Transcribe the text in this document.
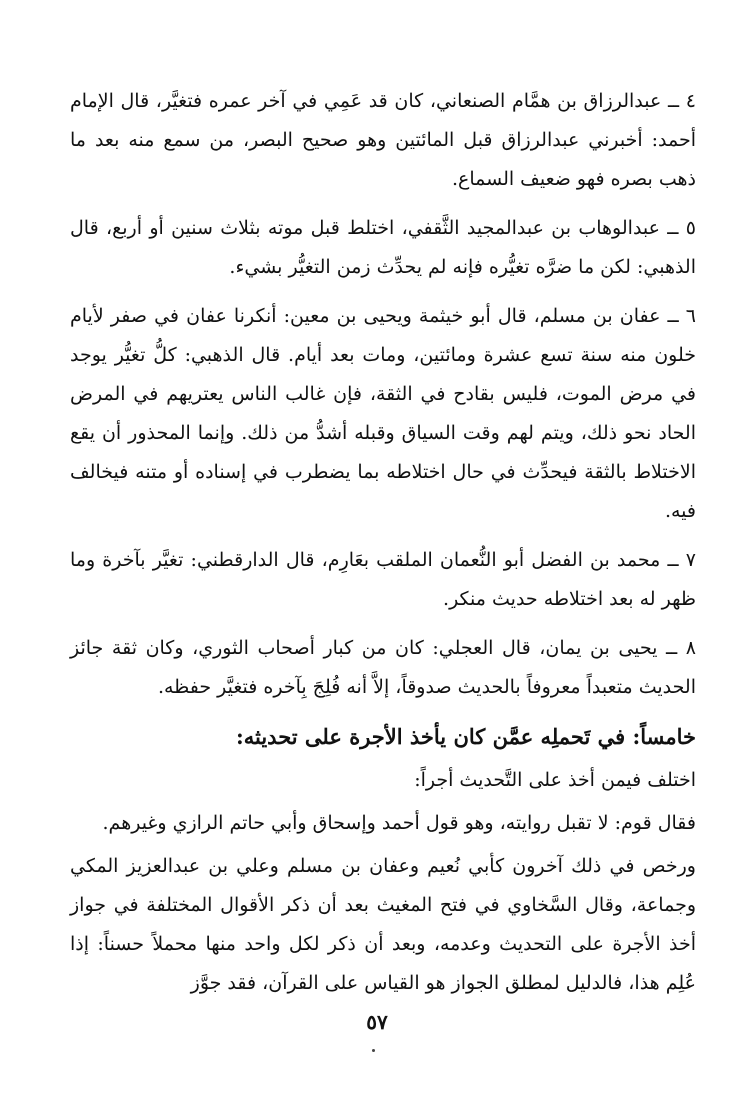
٤ ــ عبدالرزاق بن همَّام الصنعاني، كان قد عَمِي في آخر عمره فتغيَّر، قال الإمام أحمد: أخبرني عبدالرزاق قبل المائتين وهو صحيح البصر، من سمع منه بعد ما ذهب بصره فهو ضعيف السماع.

٥ ــ عبدالوهاب بن عبدالمجيد الثَّقفي، اختلط قبل موته بثلاث سنين أو أربع، قال الذهبي: لكن ما ضرَّه تغيُّره فإنه لم يحدِّث زمن التغيُّر بشيء.

٦ ــ عفان بن مسلم، قال أبو خيثمة ويحيى بن معين: أنكرنا عفان في صفر لأيام خلون منه سنة تسع عشرة ومائتين، ومات بعد أيام. قال الذهبي: كلُّ تغيُّر يوجد في مرض الموت، فليس بقادح في الثقة، فإن غالب الناس يعتريهم في المرض الحاد نحو ذلك، ويتم لهم وقت السياق وقبله أشدُّ من ذلك. وإنما المحذور أن يقع الاختلاط بالثقة فيحدِّث في حال اختلاطه بما يضطرب في إسناده أو متنه فيخالف فيه.

٧ ــ محمد بن الفضل أبو النُّعمان الملقب بعَارِم، قال الدارقطني: تغيَّر بآخرة وما ظهر له بعد اختلاطه حديث منكر.

٨ ــ يحيى بن يمان، قال العجلي: كان من كبار أصحاب الثوري، وكان ثقة جائز الحديث متعبداً معروفاً بالحديث صدوقاً، إلاَّ أنه فُلِجَ بِآخره فتغيَّر حفظه.

خامساً: في تَحملِه عمَّن كان يأخذ الأجرة على تحديثه:

اختلف فيمن أخذ على التَّحديث أجراً:

فقال قوم: لا تقبل روايته، وهو قول أحمد وإسحاق وأبي حاتم الرازي وغيرهم.

ورخص في ذلك آخرون كأبي نُعيم وعفان بن مسلم وعلي بن عبدالعزيز المكي وجماعة، وقال السَّخاوي في فتح المغيث بعد أن ذكر الأقوال المختلفة في جواز أخذ الأجرة على التحديث وعدمه، وبعد أن ذكر لكل واحد منها محملاً حسناً: إذا عُلِم هذا، فالدليل لمطلق الجواز هو القياس على القرآن، فقد جوَّز

٥٧
